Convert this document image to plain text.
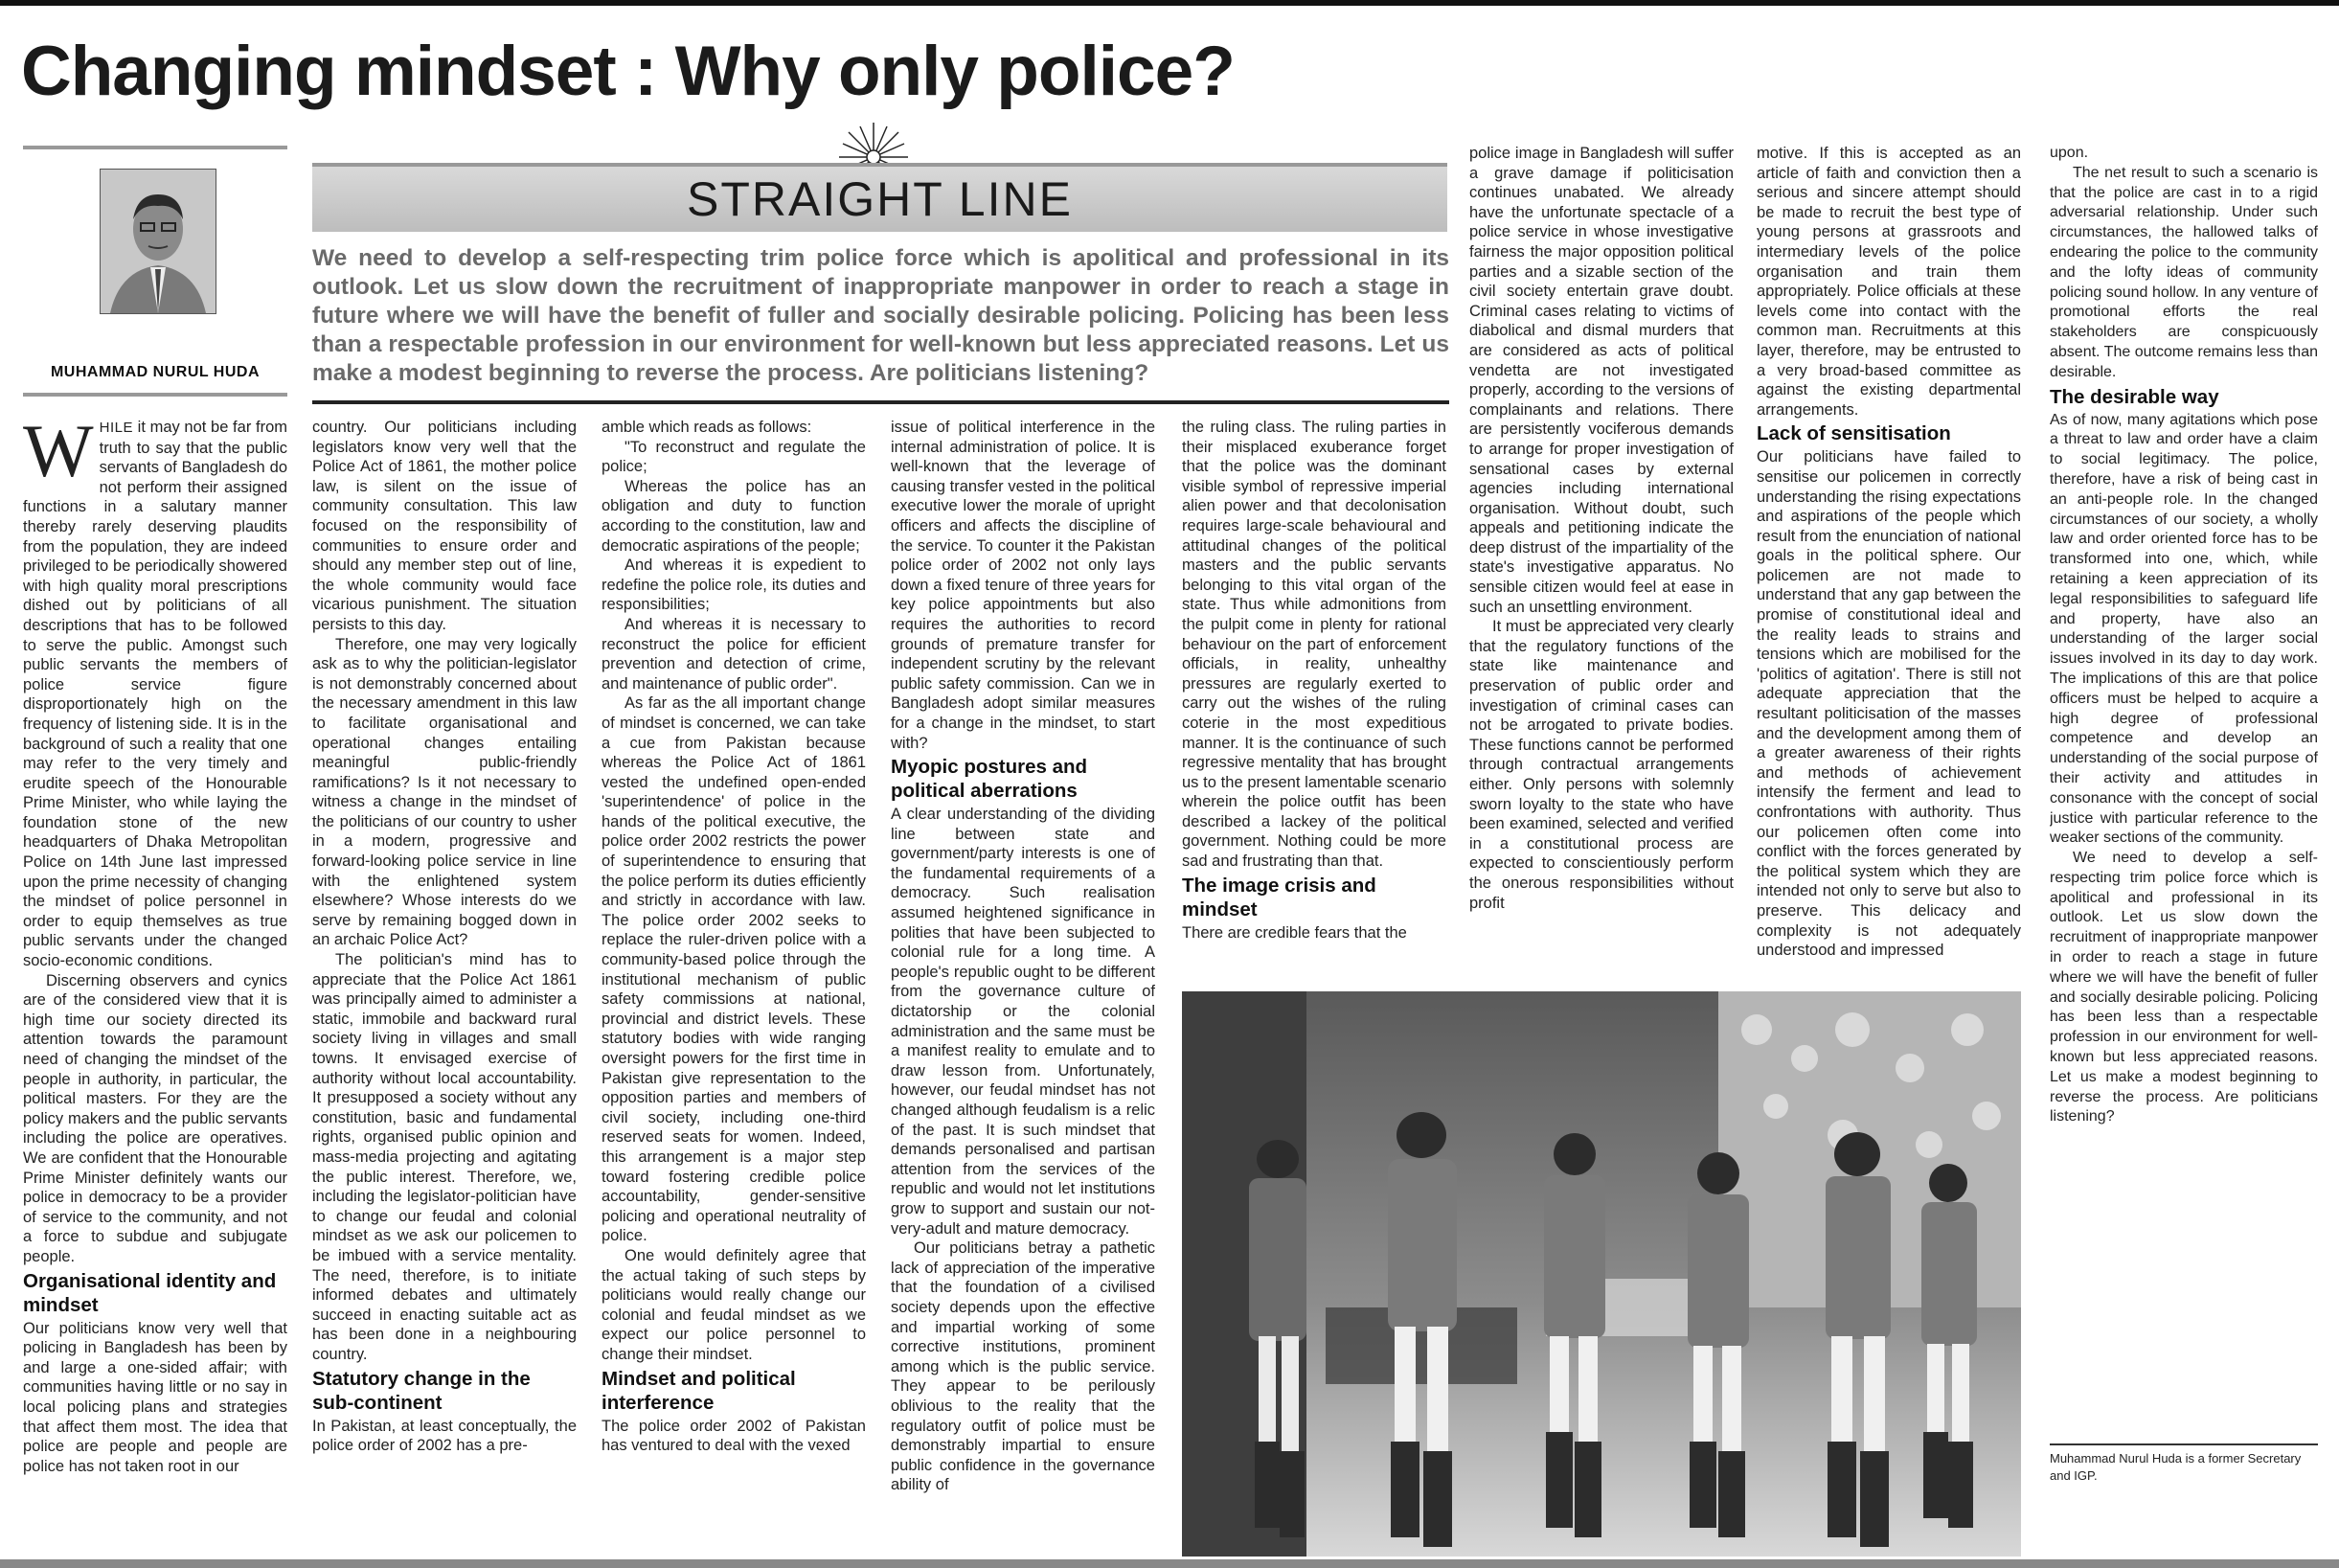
Changing mindset : Why only police?
MUHAMMAD NURUL HUDA
STRAIGHT LINE
We need to develop a self-respecting trim police force which is apolitical and professional in its outlook. Let us slow down the recruitment of inappropriate manpower in order to reach a stage in future where we will have the benefit of fuller and socially desirable policing. Policing has been less than a respectable profession in our environment for well-known but less appreciated reasons. Let us make a modest beginning to reverse the process. Are politicians listening?

WHILE it may not be far from truth to say that the public servants of Bangladesh do not perform their assigned functions in a salutary manner thereby rarely deserving plaudits from the population, they are indeed privileged to be periodically showered with high quality moral prescriptions dished out by politicians of all descriptions that has to be followed to serve the public. Amongst such public servants the members of police service figure disproportionately high on the frequency of listening side. It is in the background of such a reality that one may refer to the very timely and erudite speech of the Honourable Prime Minister, who while laying the foundation stone of the new headquarters of Dhaka Metropolitan Police on 14th June last impressed upon the prime necessity of changing the mindset of police personnel in order to equip themselves as true public servants under the changed socio-economic conditions.

Discerning observers and cynics are of the considered view that it is high time our society directed its attention towards the paramount need of changing the mindset of the people in authority, in particular, the political masters. For they are the policy makers and the public servants including the police are operatives. We are confident that the Honourable Prime Minister definitely wants our police in democracy to be a provider of service to the community, and not a force to subdue and subjugate people.

Organisational identity and mindset

Our politicians know very well that policing in Bangladesh has been by and large a one-sided affair; with communities having little or no say in local policing plans and strategies that affect them most. The idea that police are people and people are police has not taken root in our

country. Our politicians including legislators know very well that the Police Act of 1861, the mother police law, is silent on the issue of community consultation. This law focused on the responsibility of communities to ensure order and should any member step out of line, the whole community would face vicarious punishment. The situation persists to this day.

Therefore, one may very logically ask as to why the politician-legislator is not demonstrably concerned about the necessary amendment in this law to facilitate organisational and operational changes entailing meaningful public-friendly ramifications? Is it not necessary to witness a change in the mindset of the politicians of our country to usher in a modern, progressive and forward-looking police service in line with the enlightened system elsewhere? Whose interests do we serve by remaining bogged down in an archaic Police Act?

The politician's mind has to appreciate that the Police Act 1861 was principally aimed to administer a static, immobile and backward rural society living in villages and small towns. It envisaged exercise of authority without local accountability. It presupposed a society without any constitution, basic and fundamental rights, organised public opinion and mass-media projecting and agitating the public interest. Therefore, we, including the legislator-politician have to change our feudal and colonial mindset as we ask our policemen to be imbued with a service mentality. The need, therefore, is to initiate informed debates and ultimately succeed in enacting suitable act as has been done in a neighbouring country.

Statutory change in the sub-continent

In Pakistan, at least conceptually, the police order of 2002 has a pre-

amble which reads as follows:

"To reconstruct and regulate the police;

Whereas the police has an obligation and duty to function according to the constitution, law and democratic aspirations of the people;

And whereas it is expedient to redefine the police role, its duties and responsibilities;

And whereas it is necessary to reconstruct the police for efficient prevention and detection of crime, and maintenance of public order".

As far as the all important change of mindset is concerned, we can take a cue from Pakistan because whereas the Police Act of 1861 vested the undefined open-ended 'superintendence' of police in the hands of the political executive, the police order 2002 restricts the power of superintendence to ensuring that the police perform its duties efficiently and strictly in accordance with law. The police order 2002 seeks to replace the ruler-driven police with a community-based police through the institutional mechanism of public safety commissions at national, provincial and district levels. These statutory bodies with wide ranging oversight powers for the first time in Pakistan give representation to the opposition parties and members of civil society, including one-third reserved seats for women. Indeed, this arrangement is a major step toward fostering credible police accountability, gender-sensitive policing and operational neutrality of police.

One would definitely agree that the actual taking of such steps by politicians would really change our colonial and feudal mindset as we expect our police personnel to change their mindset.

Mindset and political interference

The police order 2002 of Pakistan has ventured to deal with the vexed

issue of political interference in the internal administration of police. It is well-known that the leverage of causing transfer vested in the political executive lower the morale of upright officers and affects the discipline of the service. To counter it the Pakistan police order of 2002 not only lays down a fixed tenure of three years for key police appointments but also requires the authorities to record grounds of premature transfer for independent scrutiny by the relevant public safety commission. Can we in Bangladesh adopt similar measures for a change in the mindset, to start with?

Myopic postures and political aberrations

A clear understanding of the dividing line between state and government/party interests is one of the fundamental requirements of a democracy. Such realisation assumed heightened significance in polities that have been subjected to colonial rule for a long time. A people's republic ought to be different from the governance culture of dictatorship or the colonial administration and the same must be a manifest reality to emulate and to draw lesson from. Unfortunately, however, our feudal mindset has not changed although feudalism is a relic of the past. It is such mindset that demands personalised and partisan attention from the services of the republic and would not let institutions grow to support and sustain our not-very-adult and mature democracy.

Our politicians betray a pathetic lack of appreciation of the imperative that the foundation of a civilised society depends upon the effective and impartial working of some corrective institutions, prominent among which is the public service. They appear to be perilously oblivious to the reality that the regulatory outfit of police must be demonstrably impartial to ensure public confidence in the governance ability of

the ruling class. The ruling parties in their misplaced exuberance forget that the police was the dominant visible symbol of repressive imperial alien power and that decolonisation requires large-scale behavioural and attitudinal changes of the political masters and the public servants belonging to this vital organ of the state. Thus while admonitions from the pulpit come in plenty for rational behaviour on the part of enforcement officials, in reality, unhealthy pressures are regularly exerted to carry out the wishes of the ruling coterie in the most expeditious manner. It is the continuance of such regressive mentality that has brought us to the present lamentable scenario wherein the police outfit has been described a lackey of the political government. Nothing could be more sad and frustrating than that.

The image crisis and mindset

There are credible fears that the

police image in Bangladesh will suffer a grave damage if politicisation continues unabated. We already have the unfortunate spectacle of a police service in whose investigative fairness the major opposition political parties and a sizable section of the civil society entertain grave doubt. Criminal cases relating to victims of diabolical and dismal murders that are considered as acts of political vendetta are not investigated properly, according to the versions of complainants and relations. There are persistently vociferous demands to arrange for proper investigation of sensational cases by external agencies including international organisation. Without doubt, such appeals and petitioning indicate the deep distrust of the impartiality of the state's investigative apparatus. No sensible citizen would feel at ease in such an unsettling environment.

It must be appreciated very clearly that the regulatory functions of the state like maintenance and preservation of public order and investigation of criminal cases can not be arrogated to private bodies. These functions cannot be performed through contractual arrangements either. Only persons with solemnly sworn loyalty to the state who have been examined, selected and verified in a constitutional process are expected to conscientiously perform the onerous responsibilities without profit

motive. If this is accepted as an article of faith and conviction then a serious and sincere attempt should be made to recruit the best type of young persons at grassroots and intermediary levels of the police organisation and train them appropriately. Police officials at these levels come into contact with the common man. Recruitments at this layer, therefore, may be entrusted to a very broad-based committee as against the existing departmental arrangements.

Lack of sensitisation

Our politicians have failed to sensitise our policemen in correctly understanding the rising expectations and aspirations of the people which result from the enunciation of national goals in the political sphere. Our policemen are not made to understand that any gap between the promise of constitutional ideal and the reality leads to strains and tensions which are mobilised for the 'politics of agitation'. There is still not adequate appreciation that the resultant politicisation of the masses and the development among them of a greater awareness of their rights and methods of achievement intensify the ferment and lead to confrontations with authority. Thus our policemen often come into conflict with the forces generated by the political system which they are intended not only to serve but also to preserve. This delicacy and complexity is not adequately understood and impressed

upon.

The net result to such a scenario is that the police are cast in to a rigid adversarial relationship. Under such circumstances, the hallowed talks of endearing the police to the community and the lofty ideas of community policing sound hollow. In any venture of promotional efforts the real stakeholders are conspicuously absent. The outcome remains less than desirable.

The desirable way

As of now, many agitations which pose a threat to law and order have a claim to social legitimacy. The police, therefore, have a risk of being cast in an anti-people role. In the changed circumstances of our society, a wholly law and order oriented force has to be transformed into one, which, while retaining a keen appreciation of its legal responsibilities to safeguard life and property, have also an understanding of the larger social issues involved in its day to day work. The implications of this are that police officers must be helped to acquire a high degree of professional competence and develop an understanding of the social purpose of their activity and attitudes in consonance with the concept of social justice with particular reference to the weaker sections of the community.

We need to develop a self-respecting trim police force which is apolitical and professional in its outlook. Let us slow down the recruitment of inappropriate manpower in order to reach a stage in future where we will have the benefit of fuller and socially desirable policing. Policing has been less than a respectable profession in our environment for well-known but less appreciated reasons. Let us make a modest beginning to reverse the process. Are politicians listening?

Muhammad Nurul Huda is a former Secretary and IGP.
